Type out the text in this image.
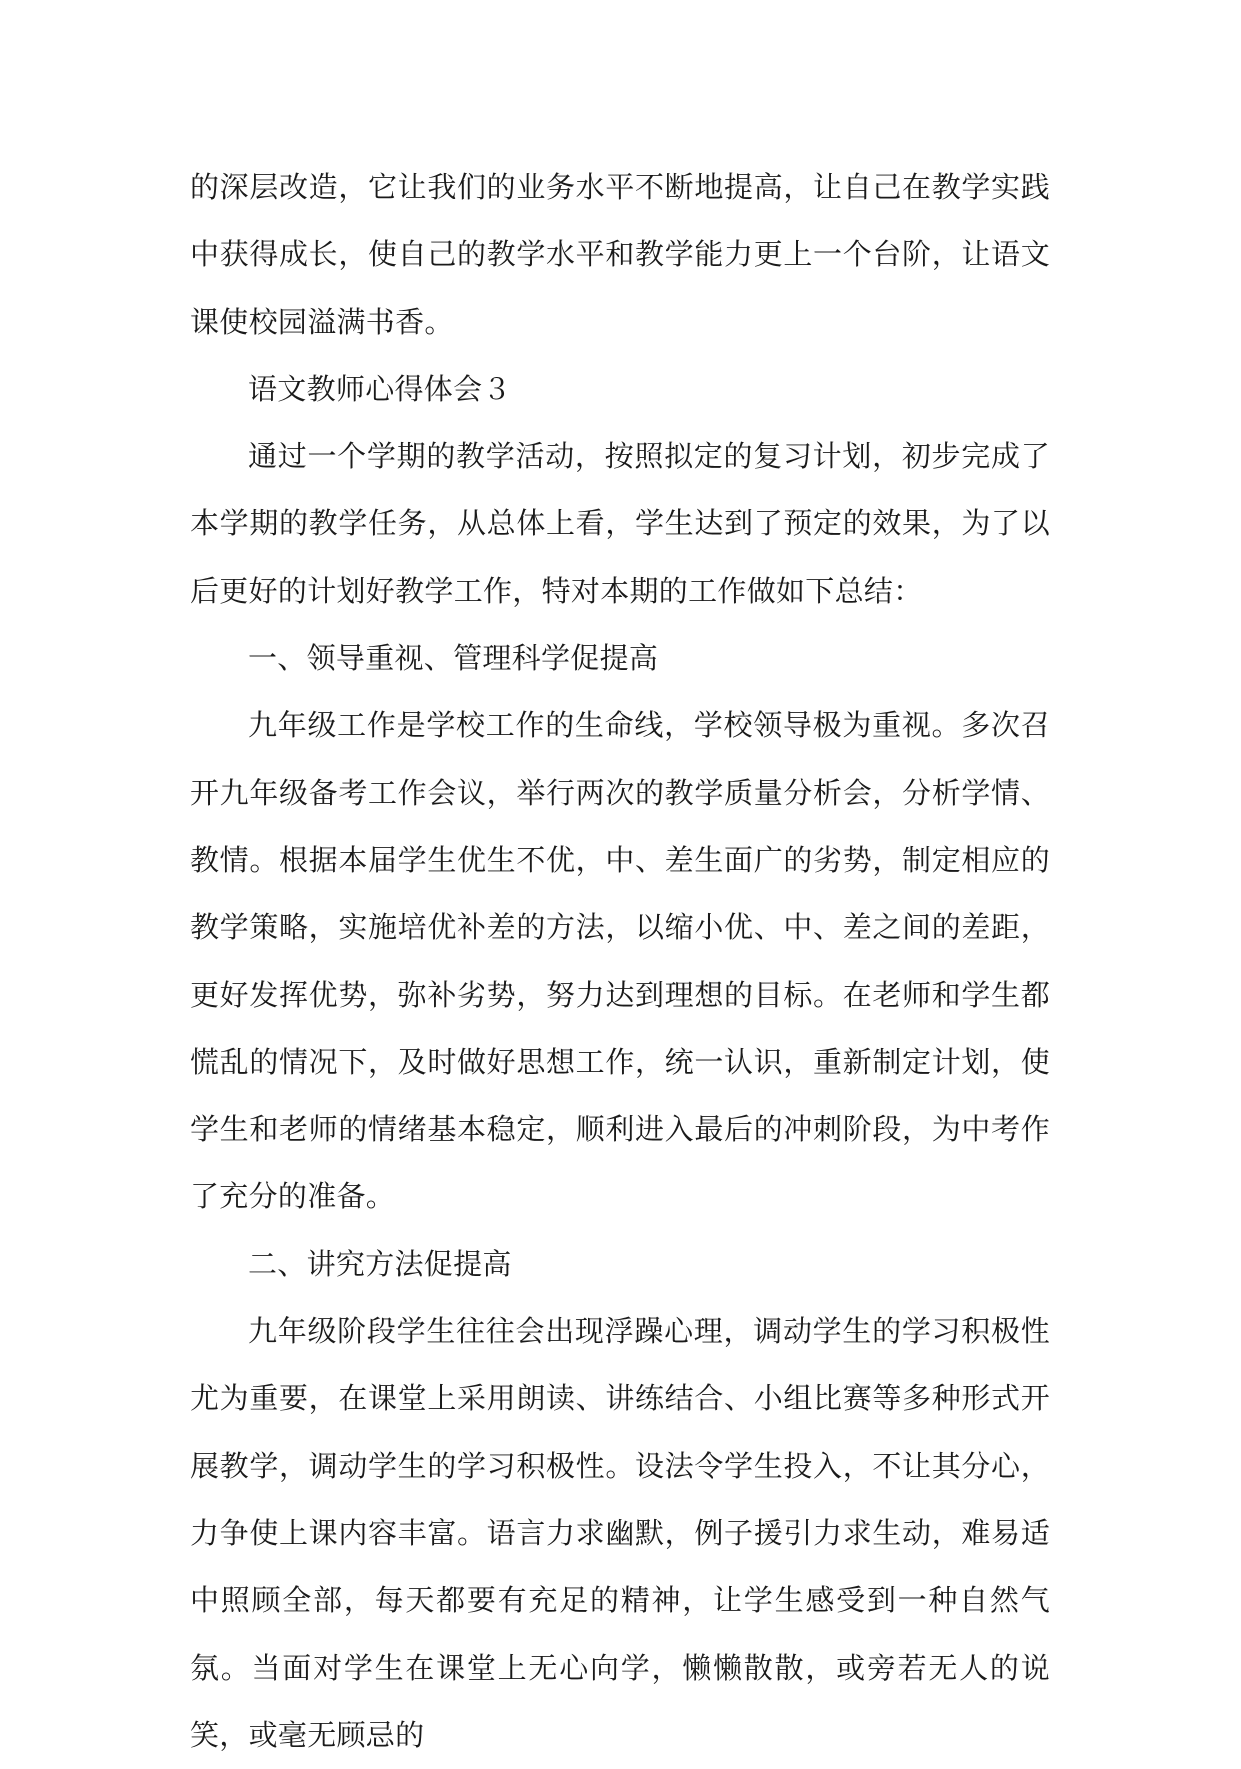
的深层改造，它让我们的业务水平不断地提高，让自己在教学实践中获得成长，使自己的教学水平和教学能力更上一个台阶，让语文课使校园溢满书香。

语文教师心得体会３

通过一个学期的教学活动，按照拟定的复习计划，初步完成了本学期的教学任务，从总体上看，学生达到了预定的效果，为了以后更好的计划好教学工作，特对本期的工作做如下总结：

一、领导重视、管理科学促提高

九年级工作是学校工作的生命线，学校领导极为重视。多次召开九年级备考工作会议，举行两次的教学质量分析会，分析学情、教情。根据本届学生优生不优，中、差生面广的劣势，制定相应的教学策略，实施培优补差的方法，以缩小优、中、差之间的差距，更好发挥优势，弥补劣势，努力达到理想的目标。在老师和学生都慌乱的情况下，及时做好思想工作，统一认识，重新制定计划，使学生和老师的情绪基本稳定，顺利进入最后的冲刺阶段，为中考作了充分的准备。

二、讲究方法促提高

九年级阶段学生往往会出现浮躁心理，调动学生的学习积极性尤为重要，在课堂上采用朗读、讲练结合、小组比赛等多种形式开展教学，调动学生的学习积极性。设法令学生投入，不让其分心，力争使上课内容丰富。语言力求幽默，例子援引力求生动，难易适中照顾全部，每天都要有充足的精神，让学生感受到一种自然气氛。当面对学生在课堂上无心向学，懒懒散散，或旁若无人的说笑，或毫无顾忌的
